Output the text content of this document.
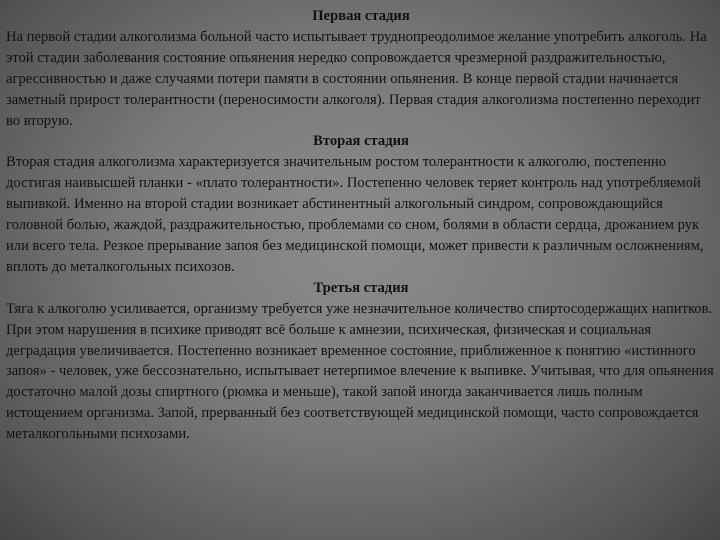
Первая стадия

На первой стадии алкоголизма больной часто испытывает труднопреодолимое желание употребить алкоголь. На этой стадии заболевания состояние опьянения нередко сопровождается чрезмерной раздражительностью, агрессивностью и даже случаями потери памяти в состоянии опьянения. В конце первой стадии начинается заметный прирост толерантности (переносимости алкоголя). Первая стадия алкоголизма постепенно переходит во вторую.

Вторая стадия

Вторая стадия алкоголизма характеризуется значительным ростом толерантности к алкоголю, постепенно достигая наивысшей планки - «плато толерантности». Постепенно человек теряет контроль над употребляемой выпивкой. Именно на второй стадии возникает абстинентный алкогольный синдром, сопровождающийся головной болью, жаждой, раздражительностью, проблемами со сном, болями в области сердца, дрожанием рук или всего тела. Резкое прерывание запоя без медицинской помощи, может привести к различным осложнениям, вплоть до металкогольных психозов.

Третья стадия

Тяга к алкоголю усиливается, организму требуется уже незначительное количество спиртосодержащих напитков. При этом нарушения в психике приводят всё больше к амнезии, психическая, физическая и социальная деградация увеличивается. Постепенно возникает временное состояние, приближенное к понятию «истинного запоя» - человек, уже бессознательно, испытывает нетерпимое влечение к выпивке. Учитывая, что для опьянения достаточно малой дозы спиртного (рюмка и меньше), такой запой иногда заканчивается лишь полным истощением организма. Запой, прерванный без соответствующей медицинской помощи, часто сопровождается металкогольными психозами.
